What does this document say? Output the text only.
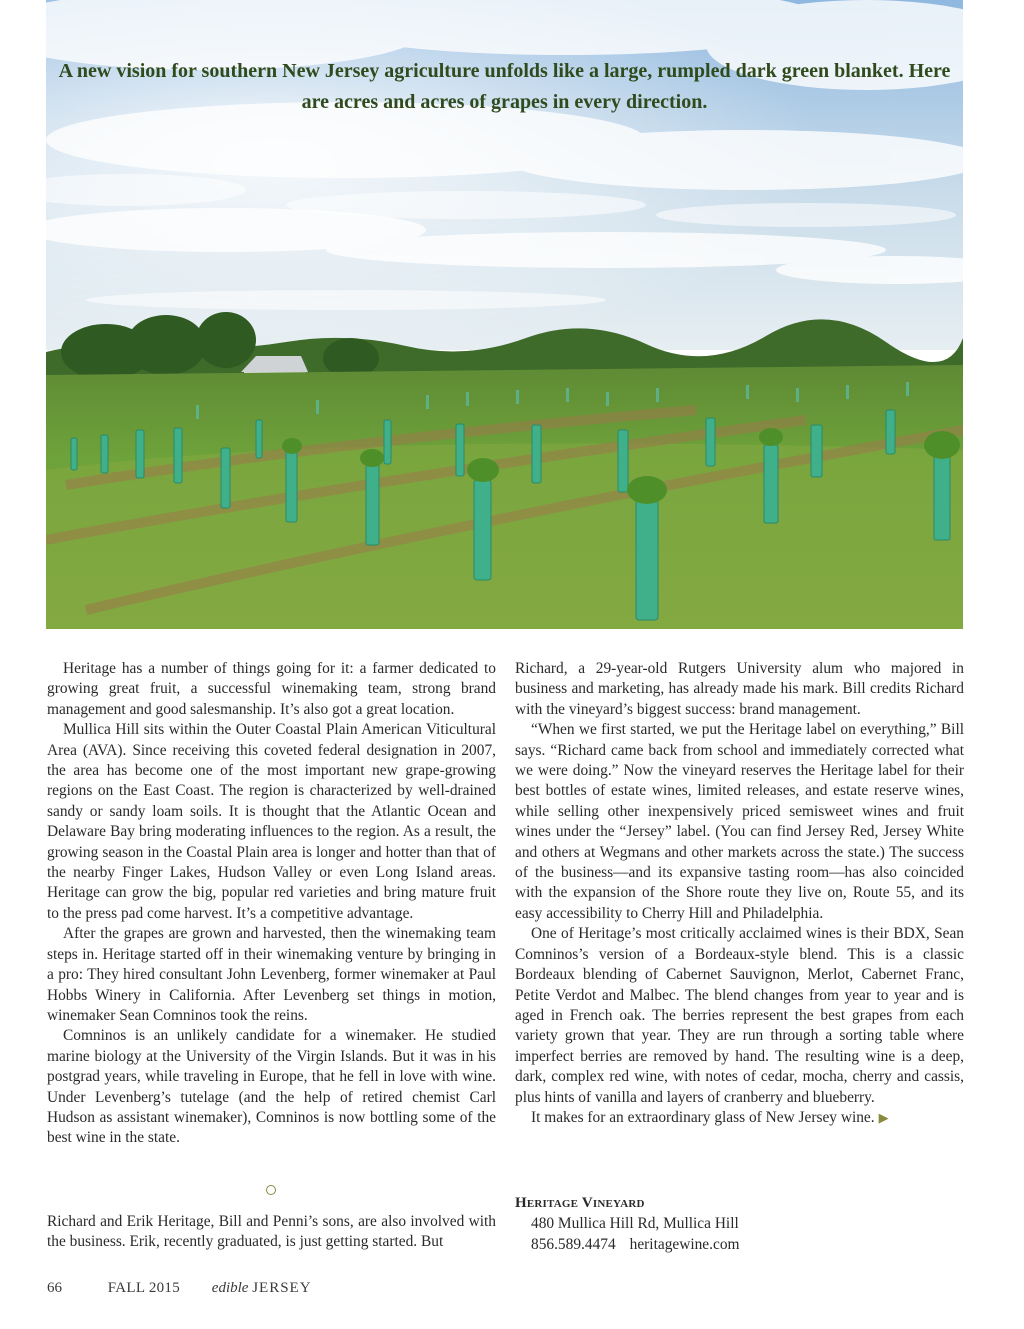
A new vision for southern New Jersey agriculture unfolds like a large, rumpled dark green blanket. Here are acres and acres of grapes in every direction.

Heritage has a number of things going for it: a farmer dedicated to growing great fruit, a successful winemaking team, strong brand management and good salesmanship. It’s also got a great location.

Mullica Hill sits within the Outer Coastal Plain American Viticultural Area (AVA). Since receiving this coveted federal designation in 2007, the area has become one of the most important new grape-growing regions on the East Coast. The region is characterized by well-drained sandy or sandy loam soils. It is thought that the Atlantic Ocean and Delaware Bay bring moderating influences to the region. As a result, the growing season in the Coastal Plain area is longer and hotter than that of the nearby Finger Lakes, Hudson Valley or even Long Island areas. Heritage can grow the big, popular red varieties and bring mature fruit to the press pad come harvest. It’s a competitive advantage.

After the grapes are grown and harvested, then the winemaking team steps in. Heritage started off in their winemaking venture by bringing in a pro: They hired consultant John Levenberg, former winemaker at Paul Hobbs Winery in California. After Levenberg set things in motion, winemaker Sean Comninos took the reins.

Comninos is an unlikely candidate for a winemaker. He studied marine biology at the University of the Virgin Islands. But it was in his postgrad years, while traveling in Europe, that he fell in love with wine. Under Levenberg’s tutelage (and the help of retired chemist Carl Hudson as assistant winemaker), Comninos is now bottling some of the best wine in the state.

Richard and Erik Heritage, Bill and Penni’s sons, are also involved with the business. Erik, recently graduated, is just getting started. But

Richard, a 29-year-old Rutgers University alum who majored in business and marketing, has already made his mark. Bill credits Richard with the vineyard’s biggest success: brand management.

“When we first started, we put the Heritage label on everything,” Bill says. “Richard came back from school and immediately corrected what we were doing.” Now the vineyard reserves the Heritage label for their best bottles of estate wines, limited releases, and estate reserve wines, while selling other inexpensively priced semisweet wines and fruit wines under the “Jersey” label. (You can find Jersey Red, Jersey White and others at Wegmans and other markets across the state.) The success of the business—and its expansive tasting room—has also coincided with the expansion of the Shore route they live on, Route 55, and its easy accessibility to Cherry Hill and Philadelphia.

One of Heritage’s most critically acclaimed wines is their BDX, Sean Comninos’s version of a Bordeaux-style blend. This is a classic Bordeaux blending of Cabernet Sauvignon, Merlot, Cabernet Franc, Petite Verdot and Malbec. The blend changes from year to year and is aged in French oak. The berries represent the best grapes from each variety grown that year. They are run through a sorting table where imperfect berries are removed by hand. The resulting wine is a deep, dark, complex red wine, with notes of cedar, mocha, cherry and cassis, plus hints of vanilla and layers of cranberry and blueberry.

It makes for an extraordinary glass of New Jersey wine. ▶

Heritage Vineyard
480 Mullica Hill Rd, Mullica Hill
856.589.4474 heritagewine.com
66	FALL 2015 edible JERSEY
